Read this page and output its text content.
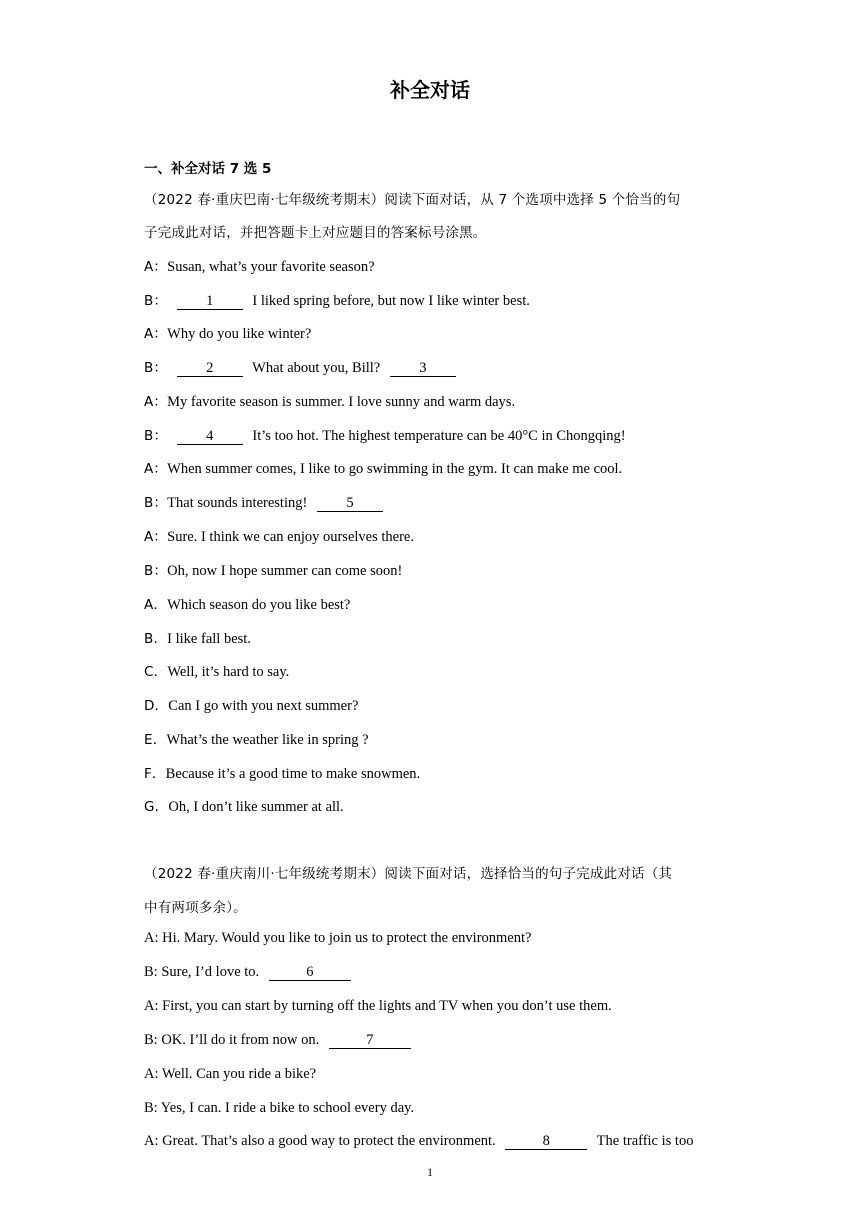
补全对话
一、补全对话 7 选 5
（2022 春·重庆巴南·七年级统考期末）阅读下面对话，从 7 个选项中选择 5 个恰当的句
子完成此对话，并把答题卡上对应题目的答案标号涂黑。
A：Susan, what’s your favorite season?
B：	1	I liked spring before, but now I like winter best.
A：Why do you like winter?
B：	2	What about you, Bill?	3
A：My favorite season is summer. I love sunny and warm days.
B：	4	It’s too hot. The highest temperature can be 40°C in Chongqing!
A：When summer comes, I like to go swimming in the gym. It can make me cool.
B：That sounds interesting!	5
A：Sure. I think we can enjoy ourselves there.
B：Oh, now I hope summer can come soon!
A．Which season do you like best?
B．I like fall best.
C．Well, it’s hard to say.
D．Can I go with you next summer?
E．What’s the weather like in spring ?
F．Because it’s a good time to make snowmen.
G．Oh, I don’t like summer at all.
（2022 春·重庆南川·七年级统考期末）阅读下面对话，选择恰当的句子完成此对话（其
中有两项多余）。
A: Hi. Mary. Would you like to join us to protect the environment?
B: Sure, I’d love to.	6
A: First, you can start by turning off the lights and TV when you don’t use them.
B: OK. I’ll do it from now on.	7
A: Well. Can you ride a bike?
B: Yes, I can. I ride a bike to school every day.
A: Great. That’s also a good way to protect the environment.	8	The traffic is too
1
